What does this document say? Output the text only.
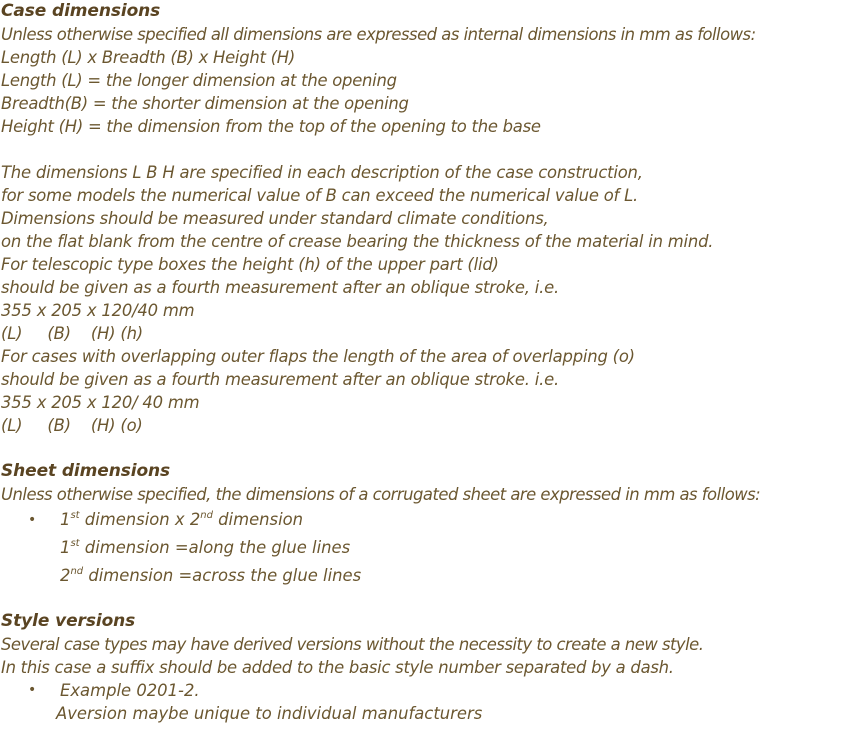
Case dimensions
Unless otherwise specified all dimensions are expressed as internal dimensions in mm as follows:
Length (L) x Breadth (B) x Height (H)
Length (L) = the longer dimension at the opening
Breadth(B) = the shorter dimension at the opening
Height (H) = the dimension from the top of the opening to the base
The dimensions L B H are specified in each description of the case construction,
for some models the numerical value of B can exceed the numerical value of L.
Dimensions should be measured under standard climate conditions,
on the flat blank from the centre of crease bearing the thickness of the material in mind.
For telescopic type boxes the height (h) of the upper part (lid)
should be given as a fourth measurement after an oblique stroke, i.e.
355 x 205 x 120/40 mm
(L)     (B)    (H) (h)
For cases with overlapping outer flaps the length of the area of overlapping (o)
should be given as a fourth measurement after an oblique stroke. i.e.
355 x 205 x 120/ 40 mm
(L)     (B)    (H) (o)
Sheet dimensions
Unless otherwise specified, the dimensions of a corrugated sheet are expressed in mm as follows:
• 1st dimension x 2nd dimension
1st dimension =along the glue lines
2nd dimension =across the glue lines
Style versions
Several case types may have derived versions without the necessity to create a new style.
In this case a suffix should be added to the basic style number separated by a dash.
• Example 0201-2.
Aversion maybe unique to individual manufacturers
